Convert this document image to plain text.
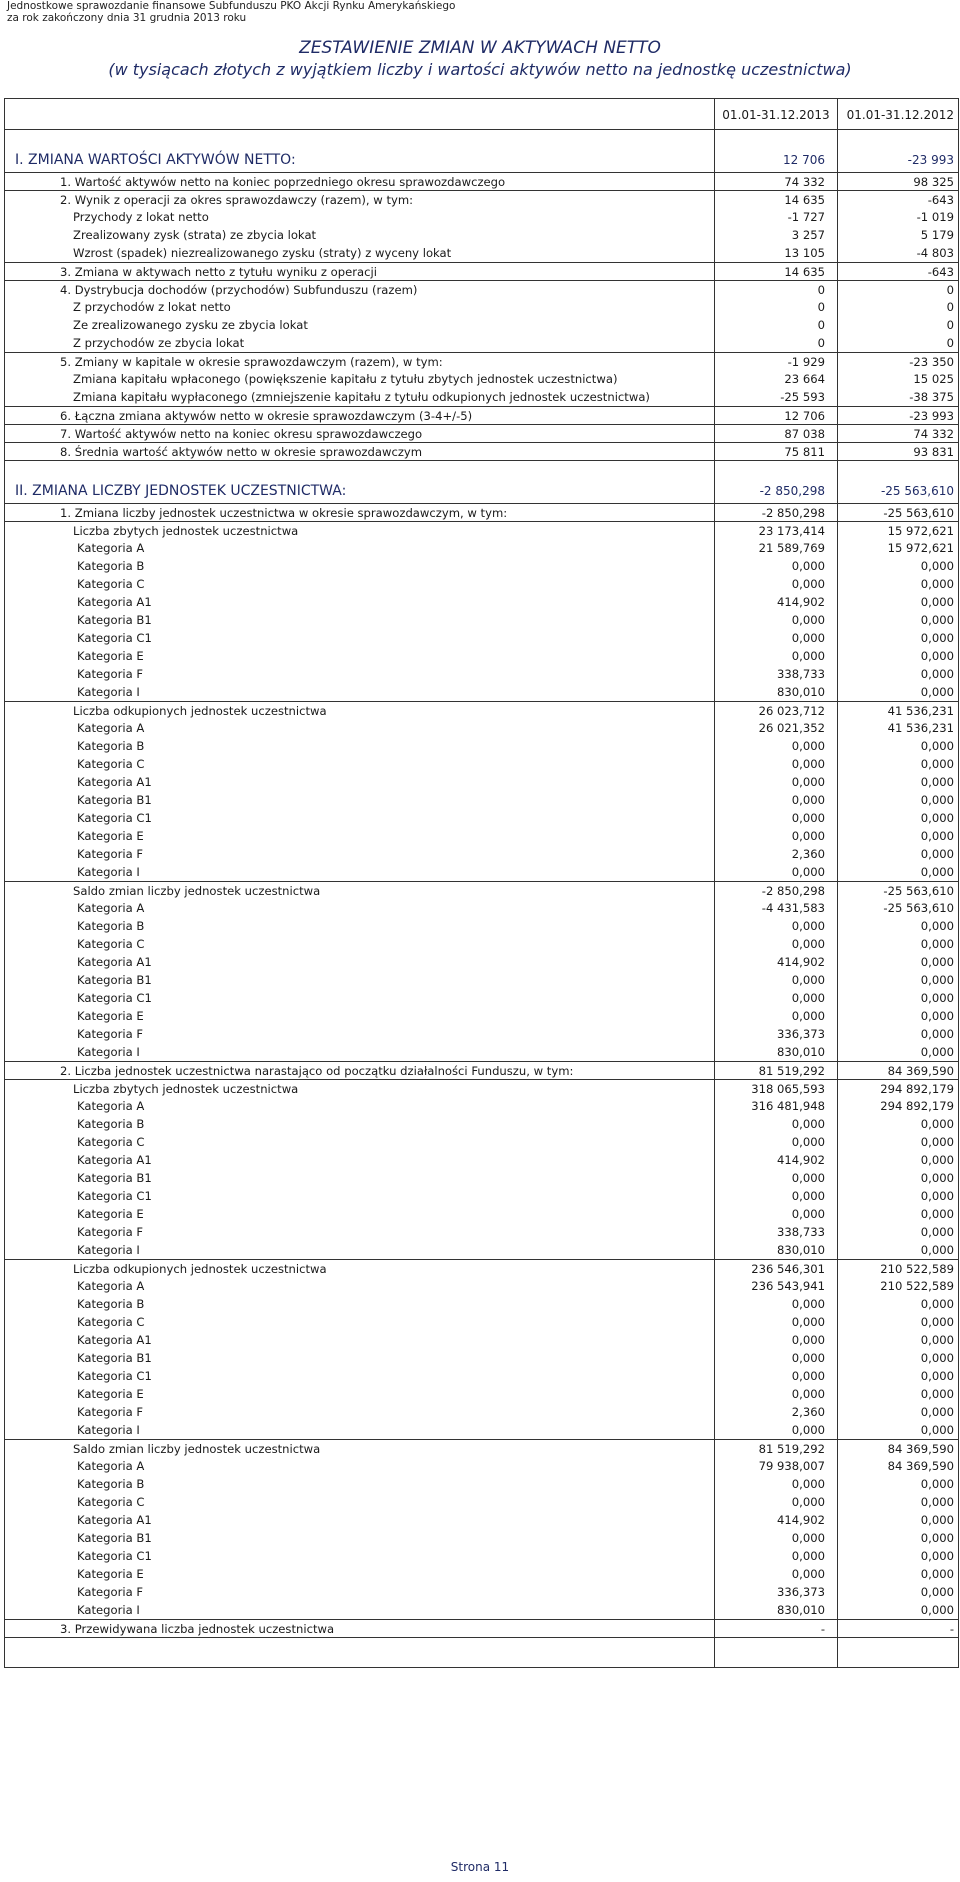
Jednostkowe sprawozdanie finansowe Subfunduszu PKO Akcji Rynku Amerykańskiego
za rok zakończony dnia 31 grudnia 2013 roku
ZESTAWIENIE ZMIAN W AKTYWACH NETTO
(w tysiącach złotych z wyjątkiem liczby i wartości aktywów netto na jednostkę uczestnictwa)
01.01-31.12.2013	01.01-31.12.2012
I. ZMIANA WARTOŚCI AKTYWÓW NETTO:	12 706	-23 993
1. Wartość aktywów netto na koniec poprzedniego okresu sprawozdawczego	74 332	98 325
2. Wynik z operacji za okres sprawozdawczy (razem), w tym:	14 635	-643
Przychody z lokat netto	-1 727	-1 019
Zrealizowany zysk (strata) ze zbycia lokat	3 257	5 179
Wzrost (spadek) niezrealizowanego zysku (straty) z wyceny lokat	13 105	-4 803
3. Zmiana w aktywach netto z tytułu wyniku z operacji	14 635	-643
4. Dystrybucja dochodów (przychodów) Subfunduszu (razem)	0	0
Z przychodów z lokat netto	0	0
Ze zrealizowanego zysku ze zbycia lokat	0	0
Z przychodów ze zbycia lokat	0	0
5. Zmiany w kapitale w okresie sprawozdawczym (razem), w tym:	-1 929	-23 350
Zmiana kapitału wpłaconego (powiększenie kapitału z tytułu zbytych jednostek uczestnictwa)	23 664	15 025
Zmiana kapitału wypłaconego (zmniejszenie kapitału z tytułu odkupionych jednostek uczestnictwa)	-25 593	-38 375
6. Łączna zmiana aktywów netto w okresie sprawozdawczym (3-4+/-5)	12 706	-23 993
7. Wartość aktywów netto na koniec okresu sprawozdawczego	87 038	74 332
8. Średnia wartość aktywów netto w okresie sprawozdawczym	75 811	93 831
II. ZMIANA LICZBY JEDNOSTEK UCZESTNICTWA:	-2 850,298	-25 563,610
1. Zmiana liczby jednostek uczestnictwa w okresie sprawozdawczym, w tym:	-2 850,298	-25 563,610
Liczba zbytych jednostek uczestnictwa	23 173,414	15 972,621
Kategoria A	21 589,769	15 972,621
Kategoria B	0,000	0,000
Kategoria C	0,000	0,000
Kategoria A1	414,902	0,000
Kategoria B1	0,000	0,000
Kategoria C1	0,000	0,000
Kategoria E	0,000	0,000
Kategoria F	338,733	0,000
Kategoria I	830,010	0,000
Liczba odkupionych jednostek uczestnictwa	26 023,712	41 536,231
Kategoria A	26 021,352	41 536,231
Kategoria B	0,000	0,000
Kategoria C	0,000	0,000
Kategoria A1	0,000	0,000
Kategoria B1	0,000	0,000
Kategoria C1	0,000	0,000
Kategoria E	0,000	0,000
Kategoria F	2,360	0,000
Kategoria I	0,000	0,000
Saldo zmian liczby jednostek uczestnictwa	-2 850,298	-25 563,610
Kategoria A	-4 431,583	-25 563,610
Kategoria B	0,000	0,000
Kategoria C	0,000	0,000
Kategoria A1	414,902	0,000
Kategoria B1	0,000	0,000
Kategoria C1	0,000	0,000
Kategoria E	0,000	0,000
Kategoria F	336,373	0,000
Kategoria I	830,010	0,000
2. Liczba jednostek uczestnictwa narastająco od początku działalności Funduszu, w tym:	81 519,292	84 369,590
Liczba zbytych jednostek uczestnictwa	318 065,593	294 892,179
Kategoria A	316 481,948	294 892,179
Kategoria B	0,000	0,000
Kategoria C	0,000	0,000
Kategoria A1	414,902	0,000
Kategoria B1	0,000	0,000
Kategoria C1	0,000	0,000
Kategoria E	0,000	0,000
Kategoria F	338,733	0,000
Kategoria I	830,010	0,000
Liczba odkupionych jednostek uczestnictwa	236 546,301	210 522,589
Kategoria A	236 543,941	210 522,589
Kategoria B	0,000	0,000
Kategoria C	0,000	0,000
Kategoria A1	0,000	0,000
Kategoria B1	0,000	0,000
Kategoria C1	0,000	0,000
Kategoria E	0,000	0,000
Kategoria F	2,360	0,000
Kategoria I	0,000	0,000
Saldo zmian liczby jednostek uczestnictwa	81 519,292	84 369,590
Kategoria A	79 938,007	84 369,590
Kategoria B	0,000	0,000
Kategoria C	0,000	0,000
Kategoria A1	414,902	0,000
Kategoria B1	0,000	0,000
Kategoria C1	0,000	0,000
Kategoria E	0,000	0,000
Kategoria F	336,373	0,000
Kategoria I	830,010	0,000
3. Przewidywana liczba jednostek uczestnictwa	-	-
Strona 11
